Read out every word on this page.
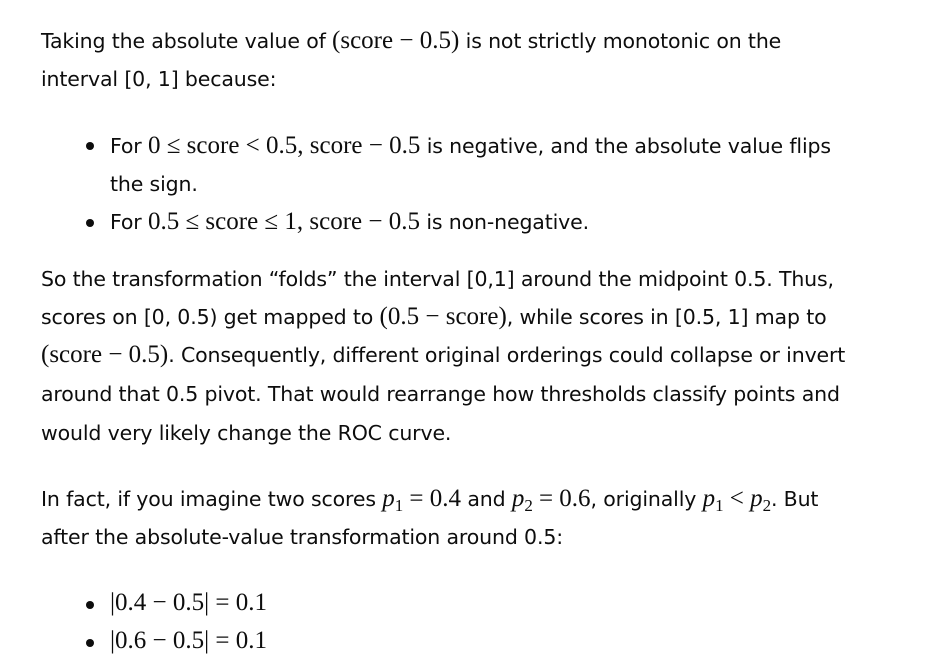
Taking the absolute value of (score − 0.5) is not strictly monotonic on the
interval [0, 1] because:
For 0 ≤ score < 0.5, score − 0.5 is negative, and the absolute value flips
the sign.
For 0.5 ≤ score ≤ 1, score − 0.5 is non-negative.
So the transformation “folds” the interval [0,1] around the midpoint 0.5. Thus,
scores on [0, 0.5) get mapped to (0.5 − score), while scores in [0.5, 1] map to
(score − 0.5). Consequently, different original orderings could collapse or invert
around that 0.5 pivot. That would rearrange how thresholds classify points and
would very likely change the ROC curve.
In fact, if you imagine two scores $p_1 = 0.4$ and $p_2 = 0.6$, originally $p_1 < p_2$. But
after the absolute-value transformation around 0.5:
|0.4 − 0.5| = 0.1
|0.6 − 0.5| = 0.1
